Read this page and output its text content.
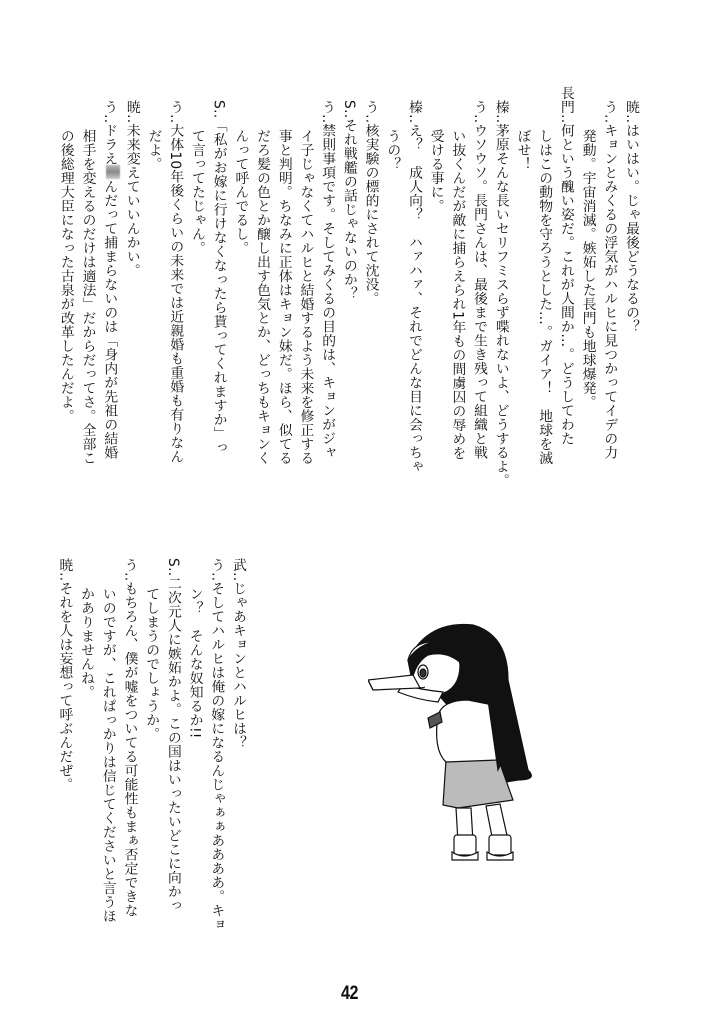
暁‥はいはい。じゃ最後どうなるの？
う‥キョンとみくるの浮気がハルヒに見つかってイデの力
発動。宇宙消滅。嫉妬した長門も地球爆発。
長門‥何という醜い姿だ。これが人間か…。どうしてわた
しはこの動物を守ろうとした…。ガイア！　地球を滅
ぼせ！
榛‥茅原そんな長いセリフミスらず喋れないよ、どうするよ。
う‥ウソウソ。長門さんは、最後まで生き残って組織と戦
い抜くんだが敵に捕らえられ1年もの間虜囚の辱めを
受ける事に。
榛‥え？　成人向？　ハァハァ、それでどんな目に会っちゃ
うの？
う‥核実験の標的にされて沈没。
S‥それ戦艦の話じゃないのか？
う‥禁則事項です。そしてみくるの目的は、キョンがジャ
イ子じゃなくてハルヒと結婚するよう未来を修正する
事と判明。ちなみに正体はキョン妹だ。ほら、似てる
だろ髪の色とか醸し出す色気とか、どっちもキョンく
んって呼んでるし。
S‥「私がお嫁に行けなくなったら貰ってくれますか」っ
て言ってたじゃん。
う‥大体10年後くらいの未来では近親婚も重婚も有りなん
だよ。
暁‥未来変えていいんかい。
う‥ドラえんだって捕まらないのは「身内が先祖の結婚
相手を変えるのだけは適法」だからだってさ。全部こ
の後総理大臣になった古泉が改革したんだよ。
武‥じゃあキョンとハルヒは？
う‥そしてハルヒは俺の嫁になるんじゃぁぁああああ。キョ
ン？　そんな奴知るか!!
S‥二次元人に嫉妬かよ。この国はいったいどこに向かっ
てしまうのでしょうか。
う‥もちろん、僕が嘘をついてる可能性もまぁ否定できな
いのですが、これぱっかりは信じてくださいと言うほ
かありませんね。
暁‥それを人は妄想って呼ぶんだぜ。
42
